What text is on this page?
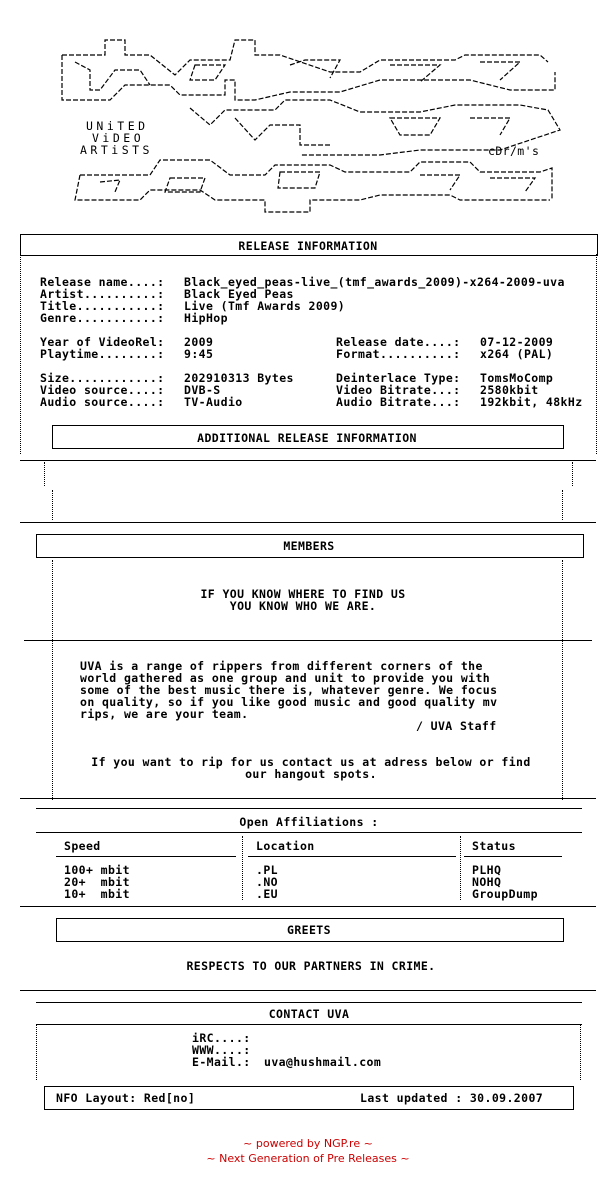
UNiTED
ViDEO
ARTiSTS	cDr/m's
RELEASE INFORMATION
Release name....: Black_eyed_peas-live_(tmf_awards_2009)-x264-2009-uva
Artist..........: Black Eyed Peas
Title...........: Live (Tmf Awards 2009)
Genre...........: HipHop
Year of VideoRel: 2009	Release date....: 07-12-2009
Playtime........: 9:45	Format..........: x264 (PAL)
Size............: 202910313 Bytes	Deinterlace Type: TomsMoComp
Video source....: DVB-S	Video Bitrate...: 2580kbit
Audio source....: TV-Audio	Audio Bitrate...: 192kbit, 48kHz
ADDITIONAL RELEASE INFORMATION
MEMBERS
IF YOU KNOW WHERE TO FIND US
YOU KNOW WHO WE ARE.
UVA is a range of rippers from different corners of the
world gathered as one group and unit to provide you with
some of the best music there is, whatever genre. We focus
on quality, so if you like good music and good quality mv
rips, we are your team.
/ UVA Staff
If you want to rip for us contact us at adress below or find
our hangout spots.
Open Affiliations :
Speed	Location	Status
100+ mbit	.PL	PLHQ
20+  mbit	.NO	NOHQ
10+  mbit	.EU	GroupDump
GREETS
RESPECTS TO OUR PARTNERS IN CRIME.
CONTACT UVA
iRC....:
WWW....:
E-Mail.: uva@hushmail.com
NFO Layout: Red[no]	Last updated : 30.09.2007
~ powered by NGP.re ~
~ Next Generation of Pre Releases ~
